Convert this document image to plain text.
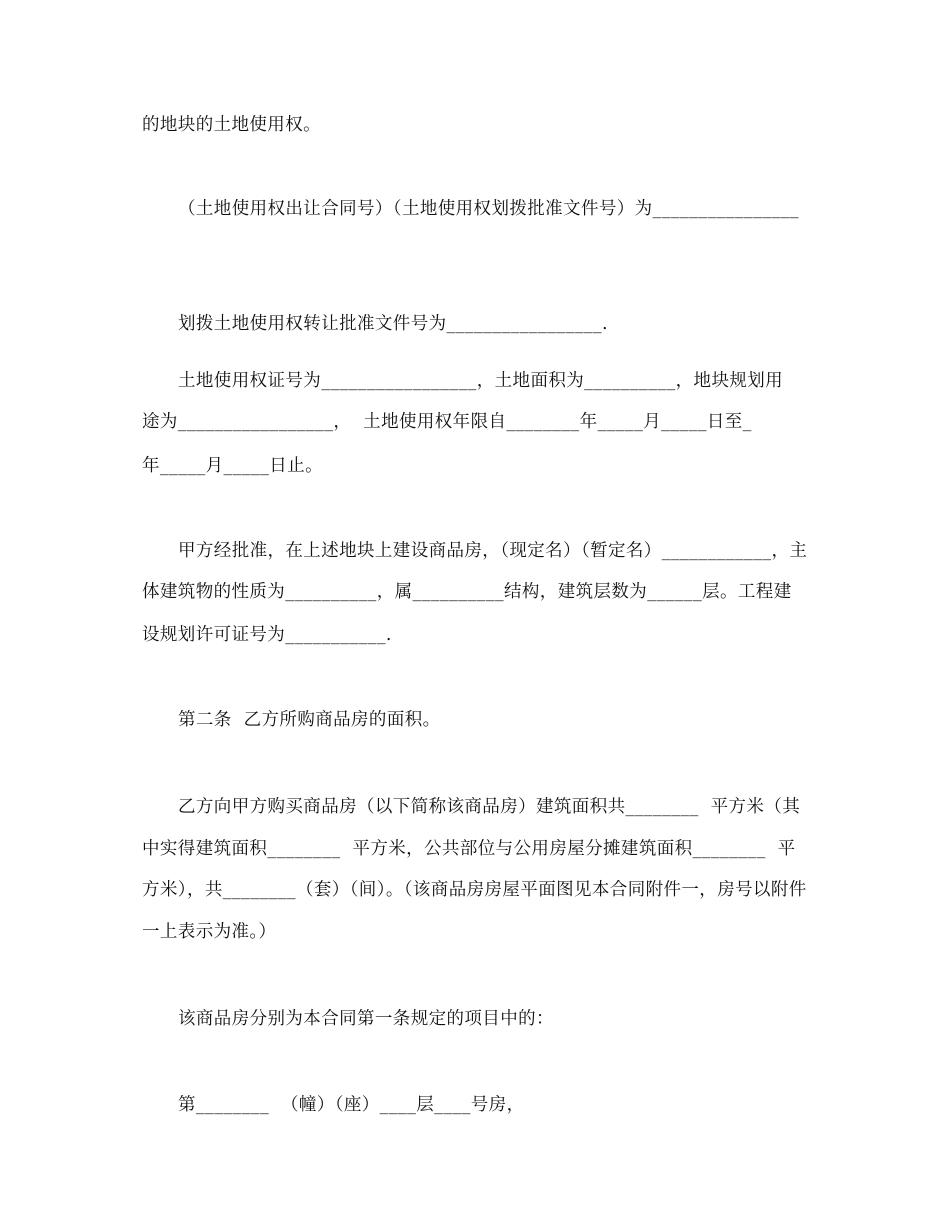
的地块的土地使用权。

（土地使用权出让合同号）（土地使用权划拨批准文件号）为________________

划拨土地使用权转让批准文件号为_________________.

土地使用权证号为_________________，土地面积为__________，地块规划用

途为_________________，  土地使用权年限自________年_____月_____日至_

年_____月_____日止。

甲方经批准，在上述地块上建设商品房，（现定名）（暂定名）____________，主

体建筑物的性质为__________，属__________结构，建筑层数为______层。工程建

设规划许可证号为___________.

第二条  乙方所购商品房的面积。

乙方向甲方购买商品房（以下简称该商品房）建筑面积共________  平方米（其

中实得建筑面积________  平方米，公共部位与公用房屋分摊建筑面积________  平

方米），共________（套）（间）。（该商品房房屋平面图见本合同附件一，房号以附件

一上表示为准。）

该商品房分别为本合同第一条规定的项目中的：

第________  （幢）（座）____层____号房，
